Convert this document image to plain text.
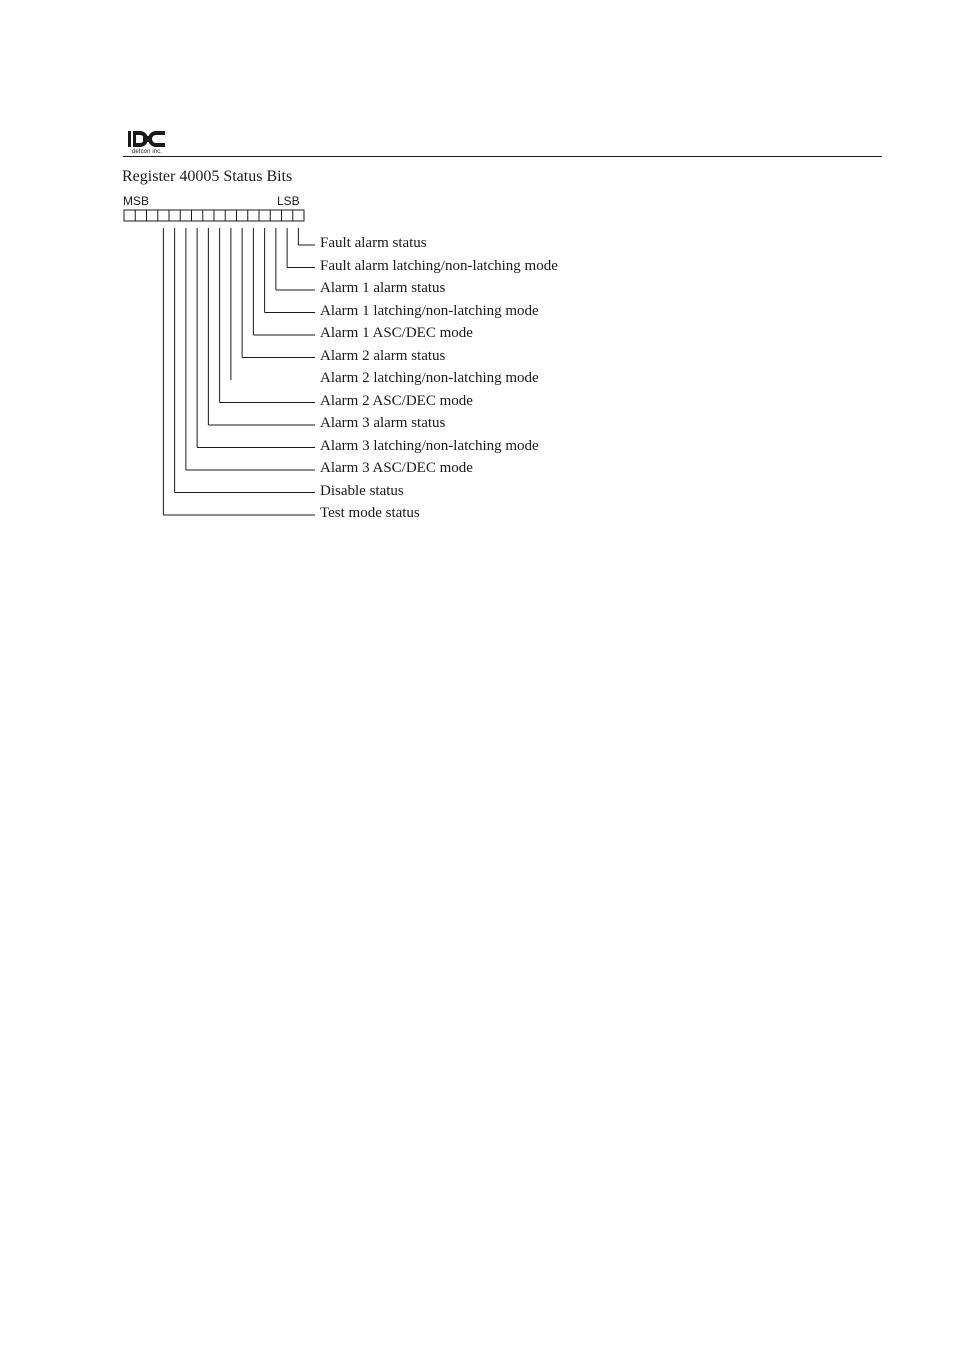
detcon inc.
Register 40005 Status Bits
MSB	LSB
Fault alarm status
Fault alarm latching/non-latching mode
Alarm 1 alarm status
Alarm 1 latching/non-latching mode
Alarm 1 ASC/DEC mode
Alarm 2 alarm status
Alarm 2 latching/non-latching mode
Alarm 2 ASC/DEC mode
Alarm 3 alarm status
Alarm 3 latching/non-latching mode
Alarm 3 ASC/DEC mode
Disable status
Test mode status
